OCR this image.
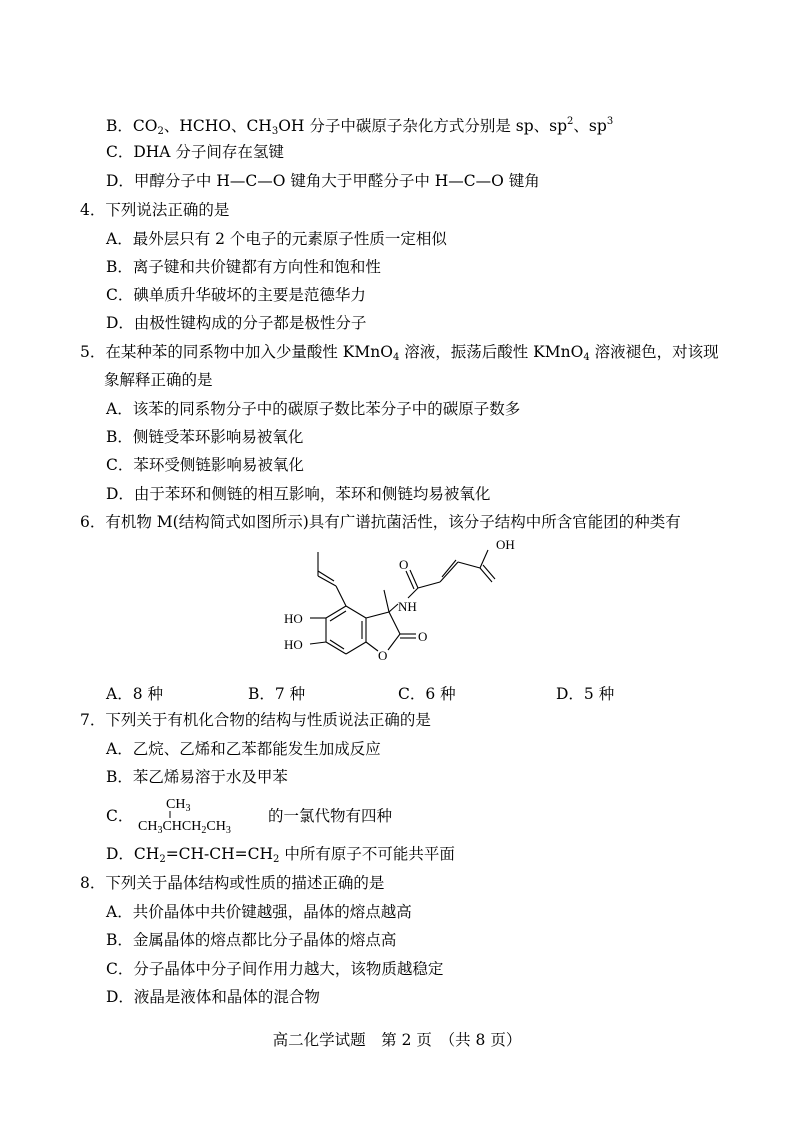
B．$CO_2$、HCHO、$CH_3OH$ 分子中碳原子杂化方式分别是 sp、$sp^2$、$sp^3$
C．DHA 分子间存在氢键
D．甲醇分子中 H—C—O 键角大于甲醛分子中 H—C—O 键角
4．下列说法正确的是
A．最外层只有 2 个电子的元素原子性质一定相似
B．离子键和共价键都有方向性和饱和性
C．碘单质升华破坏的主要是范德华力
D．由极性键构成的分子都是极性分子
5．在某种苯的同系物中加入少量酸性 KMnO$_4$ 溶液，振荡后酸性 KMnO$_4$ 溶液褪色，对该现
象解释正确的是
A．该苯的同系物分子中的碳原子数比苯分子中的碳原子数多
B．侧链受苯环影响易被氧化
C．苯环受侧链影响易被氧化
D．由于苯环和侧链的相互影响，苯环和侧链均易被氧化
6．有机物 M(结构简式如图所示)具有广谱抗菌活性，该分子结构中所含官能团的种类有
OH
O
NH
O
O
HO
HO
A．8 种	B．7 种	C．6 种	D．5 种
7．下列关于有机化合物的结构与性质说法正确的是
A．乙烷、乙烯和乙苯都能发生加成反应
B．苯乙烯易溶于水及甲苯
C．
$CH_3$
$CH_3CHCH_2CH_3$
的一氯代物有四种
D．$CH_2=CH-CH=CH_2$ 中所有原子不可能共平面
8．下列关于晶体结构或性质的描述正确的是
A．共价晶体中共价键越强，晶体的熔点越高
B．金属晶体的熔点都比分子晶体的熔点高
C．分子晶体中分子间作用力越大，该物质越稳定
D．液晶是液体和晶体的混合物
高二化学试题　第 2 页　（共 8 页）
